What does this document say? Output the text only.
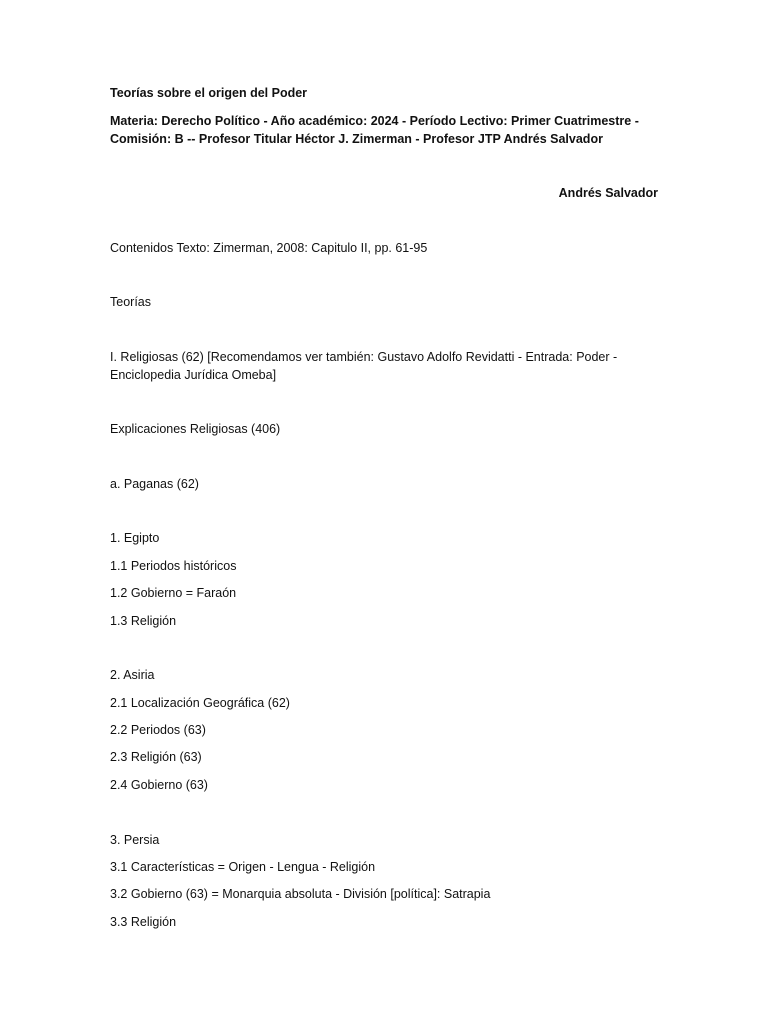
Teorías sobre el origen del Poder
Materia: Derecho Político - Año académico: 2024 - Período Lectivo: Primer Cuatrimestre -
Comisión: B -- Profesor Titular Héctor J. Zimerman - Profesor JTP Andrés Salvador
Andrés Salvador
Contenidos Texto: Zimerman, 2008: Capitulo II, pp. 61-95
Teorías
I. Religiosas (62) [Recomendamos ver también: Gustavo Adolfo Revidatti - Entrada: Poder -
Enciclopedia Jurídica Omeba]
Explicaciones Religiosas (406)
a. Paganas (62)
1. Egipto
1.1 Periodos históricos
1.2 Gobierno = Faraón
1.3 Religión
2. Asiria
2.1 Localización Geográfica (62)
2.2 Periodos (63)
2.3 Religión (63)
2.4 Gobierno (63)
3. Persia
3.1 Características = Origen - Lengua - Religión
3.2 Gobierno (63) = Monarquia absoluta - División [política]: Satrapia
3.3 Religión
